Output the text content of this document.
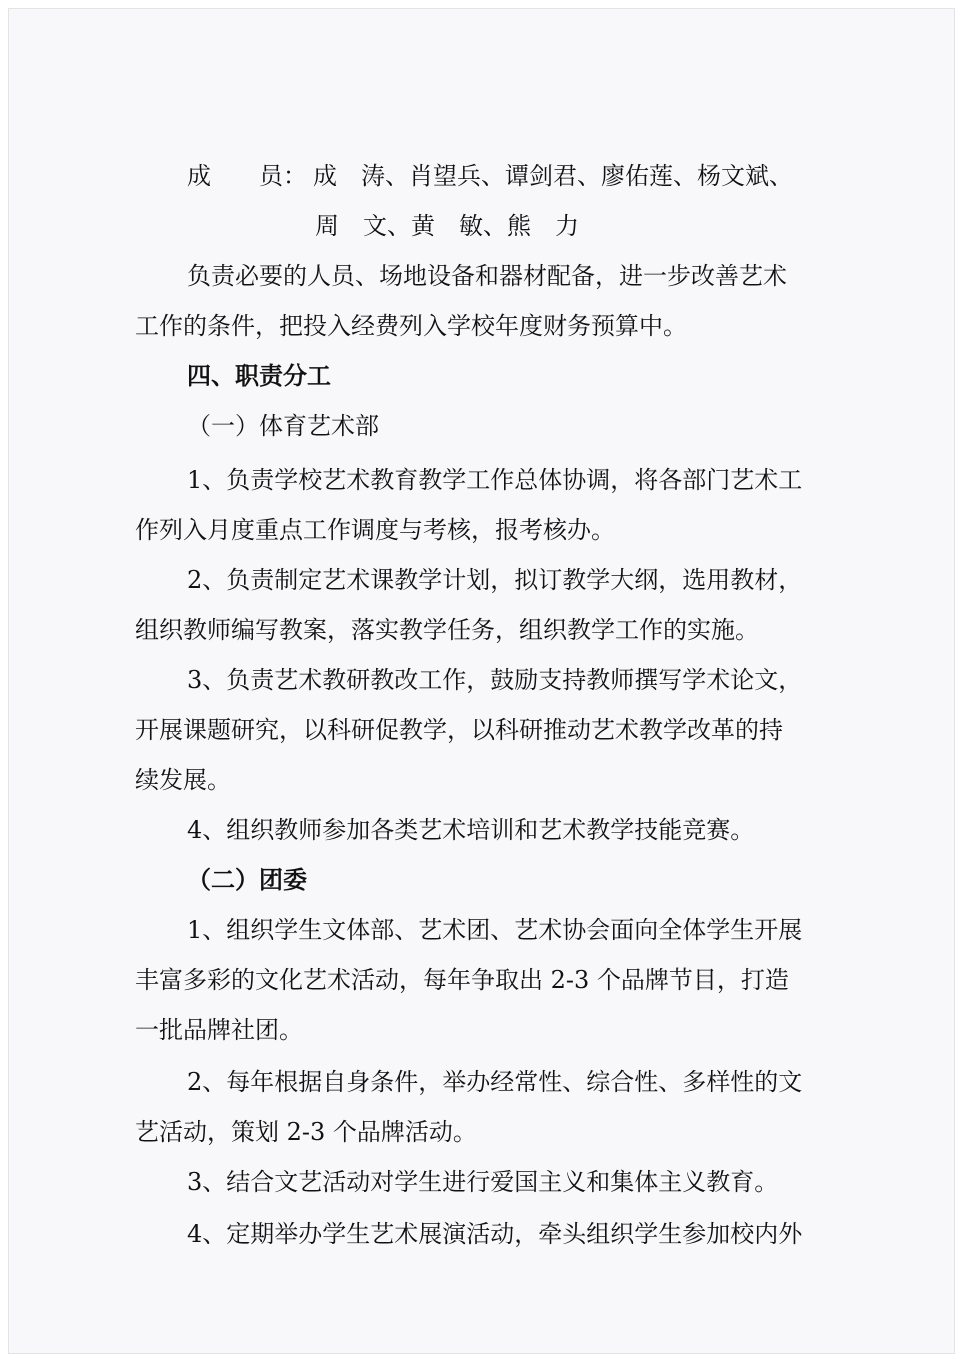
成　　员： 成　涛、肖望兵、谭剑君、廖佑莲、杨文斌、

周　文、黄　敏、熊　力

负责必要的人员、场地设备和器材配备，进一步改善艺术

工作的条件，把投入经费列入学校年度财务预算中。

四、职责分工

（一）体育艺术部

1、负责学校艺术教育教学工作总体协调，将各部门艺术工

作列入月度重点工作调度与考核，报考核办。

2、负责制定艺术课教学计划，拟订教学大纲，选用教材，

组织教师编写教案，落实教学任务，组织教学工作的实施。

3、负责艺术教研教改工作，鼓励支持教师撰写学术论文，

开展课题研究，以科研促教学，以科研推动艺术教学改革的持

续发展。

4、组织教师参加各类艺术培训和艺术教学技能竞赛。

（二）团委

1、组织学生文体部、艺术团、艺术协会面向全体学生开展

丰富多彩的文化艺术活动，每年争取出 2-3 个品牌节目，打造

一批品牌社团。

2、每年根据自身条件，举办经常性、综合性、多样性的文

艺活动，策划 2-3 个品牌活动。

3、结合文艺活动对学生进行爱国主义和集体主义教育。

4、定期举办学生艺术展演活动，牵头组织学生参加校内外
